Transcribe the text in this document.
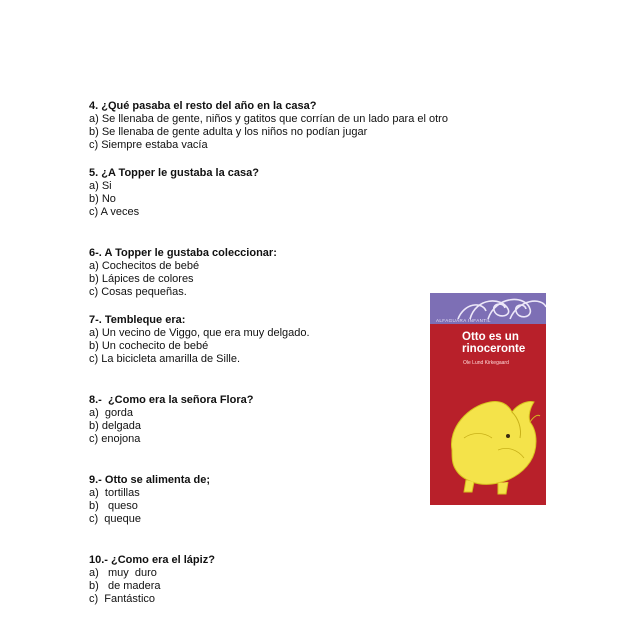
4. ¿Qué pasaba el resto del año en la casa?
a) Se llenaba de gente, niños y gatitos que corrían de un lado para el otro
b) Se llenaba de gente adulta y los niños no podían jugar
c) Siempre estaba vacía
5. ¿A Topper le gustaba la casa?
a) Si
b) No
c) A veces
6-. A Topper le gustaba coleccionar:
a) Cochecitos de bebé
b) Lápices de colores
c) Cosas pequeñas.
7-. Tembleque era:
a) Un vecino de Viggo, que era muy delgado.
b) Un cochecito de bebé
c) La bicicleta amarilla de Sille.
8.-  ¿Como era la señora Flora?
a)  gorda
b) delgada
c) enojona
9.- Otto se alimenta de;
a)  tortillas
b)   queso
c)  queque
10.- ¿Como era el lápiz?
a)   muy  duro
b)   de madera
c)  Fantástico
ALFAGUARA INFANTIL
Otto es un
rinoceronte
Ole Lund Kirkegaard
